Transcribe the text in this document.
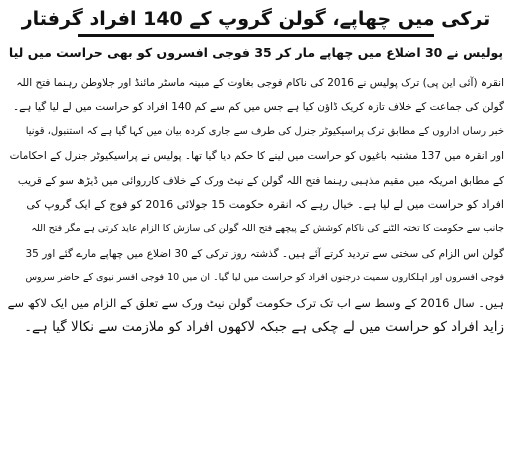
ترکی میں چھاپے، گولن گروپ کے 140 افراد گرفتار
پولیس نے 30 اضلاع میں چھاپے مار کر 35 فوجی افسروں کو بھی حراست میں لیا
انقرہ (آئی این پی) ترک پولیس نے 2016 کی ناکام فوجی بغاوت کے مبینہ ماسٹر مائنڈ اور جلاوطن رہنما فتح اللہ
گولن کی جماعت کے خلاف تازہ کریک ڈاؤن کیا ہے جس میں کم سے کم 140 افراد کو حراست میں لے لیا گیا ہے۔
خبر رساں اداروں کے مطابق ترک پراسیکیوٹر جنرل کی طرف سے جاری کردہ بیان میں کہا گیا ہے کہ استنبول، قونیا
اور انقرہ میں 137 مشتبہ باغیوں کو حراست میں لینے کا حکم دیا گیا تھا۔ پولیس نے پراسیکیوٹر جنرل کے احکامات
کے مطابق امریکہ میں مقیم مذہبی رہنما فتح اللہ گولن کے نیٹ ورک کے خلاف کارروائی میں ڈیڑھ سو کے قریب
افراد کو حراست میں لے لیا ہے۔ خیال رہے کہ انقرہ حکومت 15 جولائی 2016 کو فوج کے ایک گروپ کی
جانب سے حکومت کا تختہ الٹنے کی ناکام کوشش کے پیچھے فتح اللہ گولن کی سازش کا الزام عاید کرتی ہے مگر فتح اللہ
گولن اس الزام کی سختی سے تردید کرتے آئے ہیں۔ گذشتہ روز ترکی کے 30 اضلاع میں چھاپے مارے گئے اور 35
فوجی افسروں اور اہلکاروں سمیت درجنوں افراد کو حراست میں لیا گیا۔ ان میں 10 فوجی افسر نیوی کے حاضر سروس
ہیں۔ سال 2016 کے وسط سے اب تک ترک حکومت گولن نیٹ ورک سے تعلق کے الزام میں ایک لاکھ سے
زاید افراد کو حراست میں لے چکی ہے جبکہ لاکھوں افراد کو ملازمت سے نکالا گیا ہے۔
